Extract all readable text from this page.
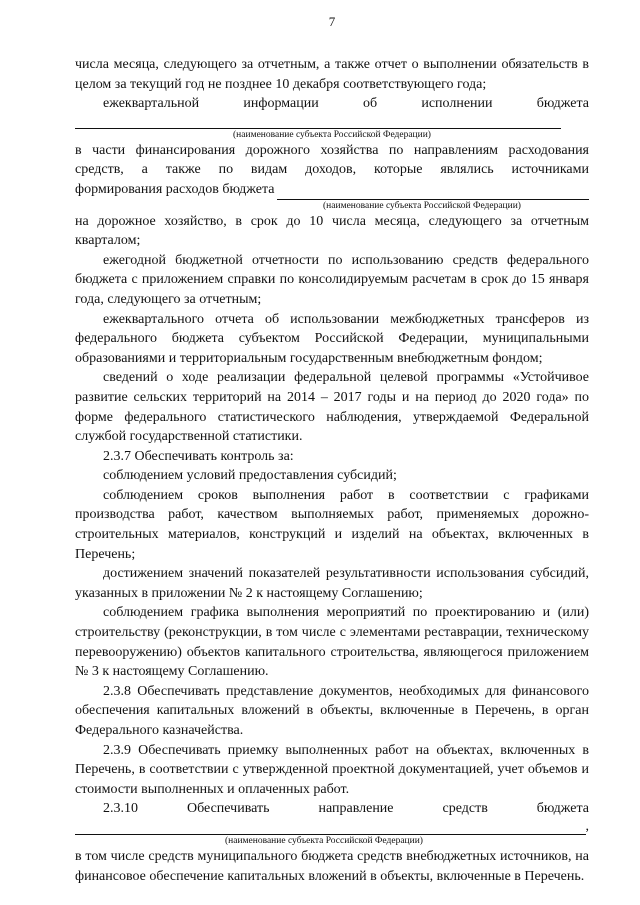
7

числа месяца, следующего за отчетным, а также отчет о выполнении обязательств в целом за текущий год не позднее 10 декабря соответствующего года;

ежеквартальной информации об исполнении бюджета

(наименование субъекта Российской Федерации)

в части финансирования дорожного хозяйства по направлениям расходования средств, а также по видам доходов, которые являлись источниками

формирования расходов бюджета
(наименование субъекта Российской Федерации)

на дорожное хозяйство, в срок до 10 числа месяца, следующего за отчетным кварталом;

ежегодной бюджетной отчетности по использованию средств федерального бюджета с приложением справки по консолидируемым расчетам в срок до 15 января года, следующего за отчетным;

ежеквартального отчета об использовании межбюджетных трансферов из федерального бюджета субъектом Российской Федерации, муниципальными образованиями и территориальным государственным внебюджетным фондом;

сведений о ходе реализации федеральной целевой программы «Устойчивое развитие сельских территорий на 2014 – 2017 годы и на период до 2020 года» по форме федерального статистического наблюдения, утверждаемой Федеральной службой государственной статистики.

2.3.7 Обеспечивать контроль за:

соблюдением условий предоставления субсидий;

соблюдением сроков выполнения работ в соответствии с графиками производства работ, качеством выполняемых работ, применяемых дорожно-строительных материалов, конструкций и изделий на объектах, включенных в Перечень;

достижением значений показателей результативности использования субсидий, указанных в приложении № 2 к настоящему Соглашению;

соблюдением графика выполнения мероприятий по проектированию и (или) строительству (реконструкции, в том числе с элементами реставрации, техническому перевооружению) объектов капитального строительства, являющегося приложением № 3 к настоящему Соглашению.

2.3.8 Обеспечивать представление документов, необходимых для финансового обеспечения капитальных вложений в объекты, включенные в Перечень, в орган Федерального казначейства.

2.3.9 Обеспечивать приемку выполненных работ на объектах, включенных в Перечень, в соответствии с утвержденной проектной документацией, учет объемов и стоимости выполненных и оплаченных работ.

2.3.10 Обеспечивать направление средств бюджета

,
(наименование субъекта Российской Федерации)

в том числе средств муниципального бюджета средств внебюджетных источников, на финансовое обеспечение капитальных вложений в объекты, включенные в Перечень.
